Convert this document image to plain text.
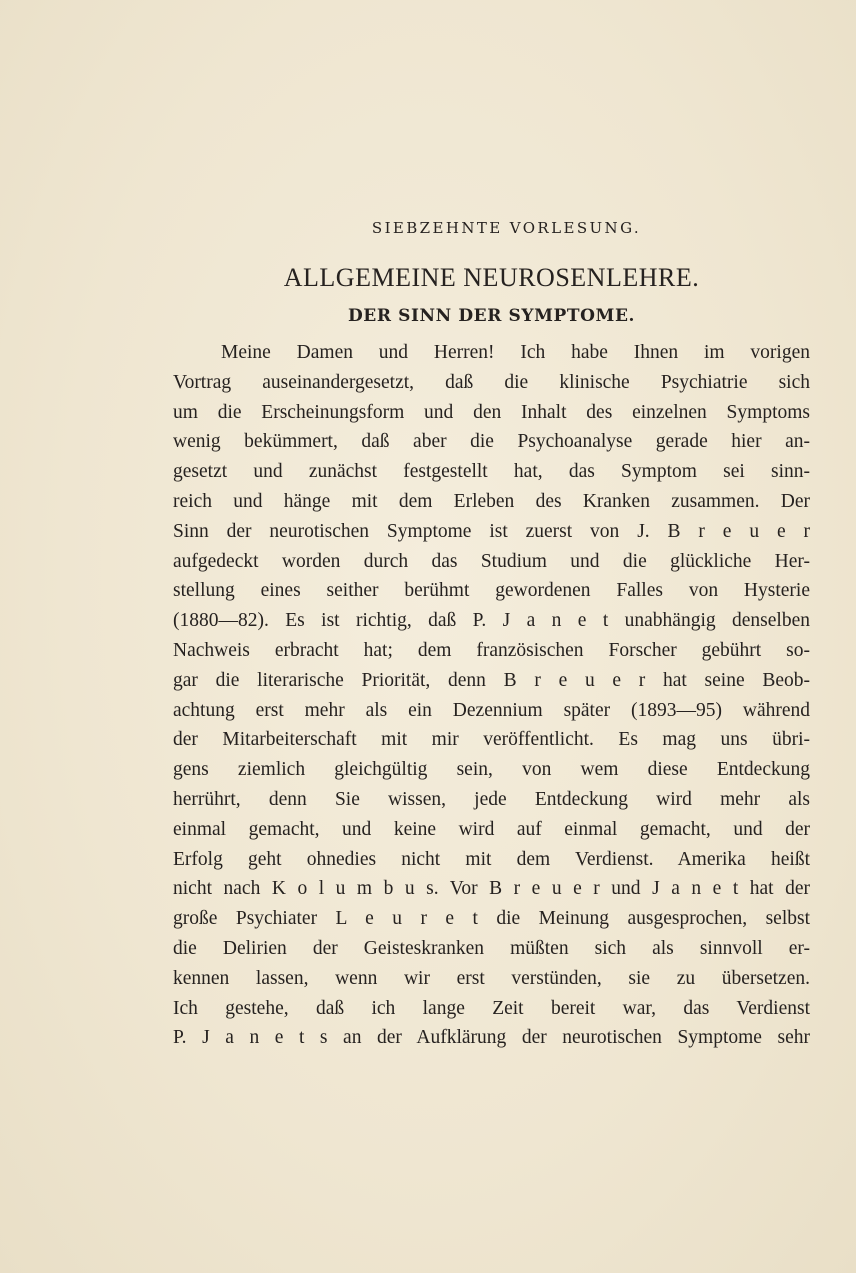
SIEBZEHNTE VORLESUNG.
ALLGEMEINE NEUROSENLEHRE.
DER SINN DER SYMPTOME.
Meine Damen und Herren! Ich habe Ihnen im vorigen
Vortrag auseinandergesetzt, daß die klinische Psychiatrie sich
um die Erscheinungsform und den Inhalt des einzelnen Symptoms
wenig bekümmert, daß aber die Psychoanalyse gerade hier an-
gesetzt und zunächst festgestellt hat, das Symptom sei sinn-
reich und hänge mit dem Erleben des Kranken zusammen. Der
Sinn der neurotischen Symptome ist zuerst von J. B r e u e r
aufgedeckt worden durch das Studium und die glückliche Her-
stellung eines seither berühmt gewordenen Falles von Hysterie
(1880—82). Es ist richtig, daß P. J a n e t unabhängig denselben
Nachweis erbracht hat; dem französischen Forscher gebührt so-
gar die literarische Priorität, denn B r e u e r hat seine Beob-
achtung erst mehr als ein Dezennium später (1893—95) während
der Mitarbeiterschaft mit mir veröffentlicht. Es mag uns übri-
gens ziemlich gleichgültig sein, von wem diese Entdeckung
herrührt, denn Sie wissen, jede Entdeckung wird mehr als
einmal gemacht, und keine wird auf einmal gemacht, und der
Erfolg geht ohnedies nicht mit dem Verdienst. Amerika heißt
nicht nach K o l u m b u s. Vor B r e u e r und J a n e t hat der
große Psychiater L e u r e t die Meinung ausgesprochen, selbst
die Delirien der Geisteskranken müßten sich als sinnvoll er-
kennen lassen, wenn wir erst verstünden, sie zu übersetzen.
Ich gestehe, daß ich lange Zeit bereit war, das Verdienst
P. J a n e t s an der Aufklärung der neurotischen Symptome sehr
